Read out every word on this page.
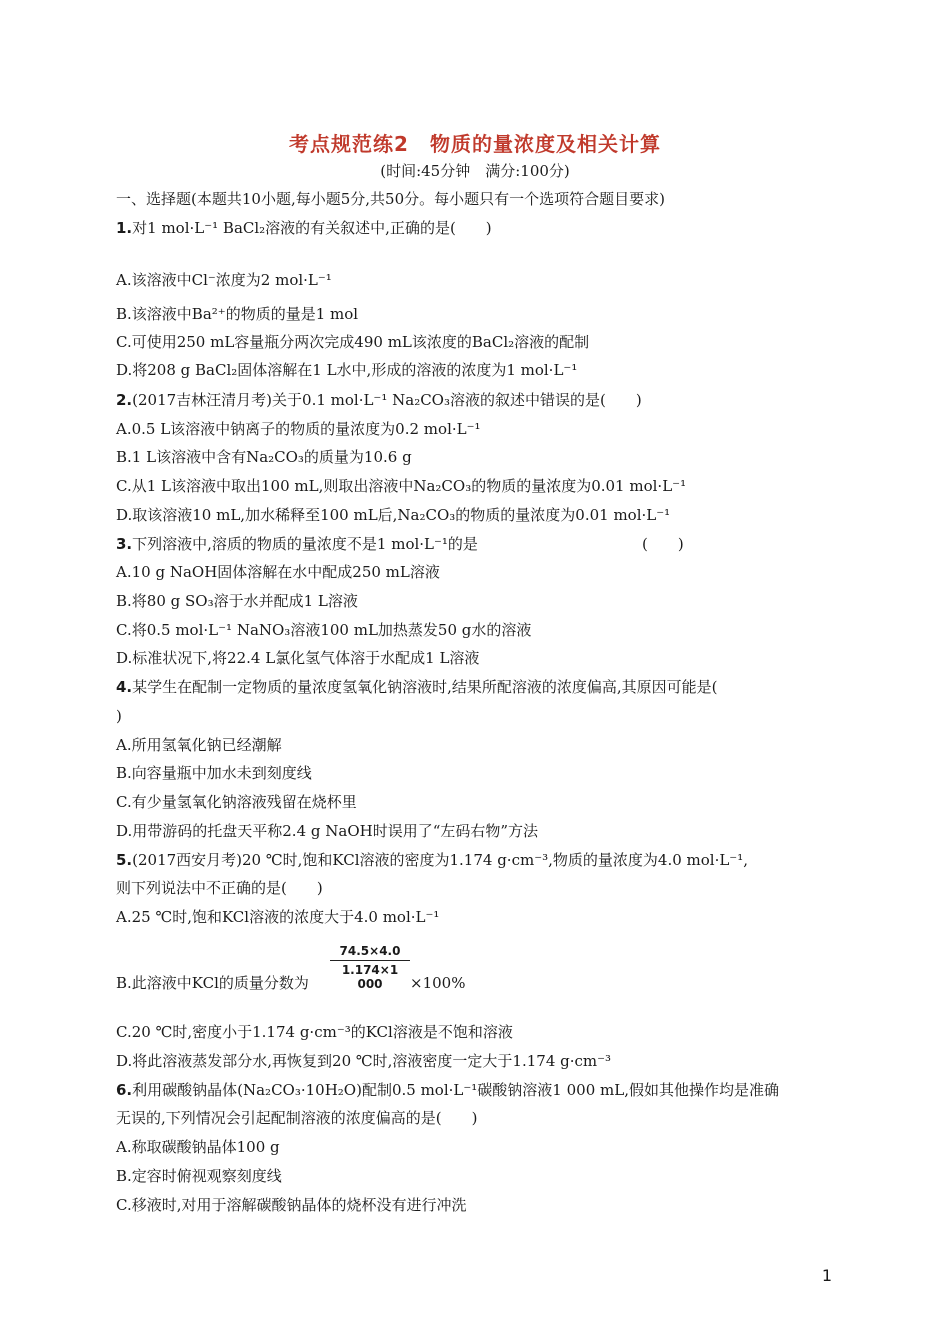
考点规范练2　物质的量浓度及相关计算
(时间:45分钟　满分:100分)
一、选择题(本题共10小题,每小题5分,共50分。每小题只有一个选项符合题目要求)
1.对1 mol·L⁻¹ BaCl₂溶液的有关叙述中,正确的是(　　)
A.该溶液中Cl⁻浓度为2 mol·L⁻¹
B.该溶液中Ba²⁺的物质的量是1 mol
C.可使用250 mL容量瓶分两次完成490 mL该浓度的BaCl₂溶液的配制
D.将208 g BaCl₂固体溶解在1 L水中,形成的溶液的浓度为1 mol·L⁻¹
2.(2017吉林汪清月考)关于0.1 mol·L⁻¹ Na₂CO₃溶液的叙述中错误的是(　　)
A.0.5 L该溶液中钠离子的物质的量浓度为0.2 mol·L⁻¹
B.1 L该溶液中含有Na₂CO₃的质量为10.6 g
C.从1 L该溶液中取出100 mL,则取出溶液中Na₂CO₃的物质的量浓度为0.01 mol·L⁻¹
D.取该溶液10 mL,加水稀释至100 mL后,Na₂CO₃的物质的量浓度为0.01 mol·L⁻¹
3.下列溶液中,溶质的物质的量浓度不是1 mol·L⁻¹的是	(　　)
A.10 g NaOH固体溶解在水中配成250 mL溶液
B.将80 g SO₃溶于水并配成1 L溶液
C.将0.5 mol·L⁻¹ NaNO₃溶液100 mL加热蒸发50 g水的溶液
D.标准状况下,将22.4 L氯化氢气体溶于水配成1 L溶液
4.某学生在配制一定物质的量浓度氢氧化钠溶液时,结果所配溶液的浓度偏高,其原因可能是(
)
A.所用氢氧化钠已经潮解
B.向容量瓶中加水未到刻度线
C.有少量氢氧化钠溶液残留在烧杯里
D.用带游码的托盘天平称2.4 g NaOH时误用了“左码右物”方法
5.(2017西安月考)20 ℃时,饱和KCl溶液的密度为1.174 g·cm⁻³,物质的量浓度为4.0 mol·L⁻¹,
则下列说法中不正确的是(　　)
A.25 ℃时,饱和KCl溶液的浓度大于4.0 mol·L⁻¹
B.此溶液中KCl的质量分数为 $\frac{74.5\times 4.0}{1.174\times 1 000} \times 100\%$
C.20 ℃时,密度小于1.174 g·cm⁻³的KCl溶液是不饱和溶液
D.将此溶液蒸发部分水,再恢复到20 ℃时,溶液密度一定大于1.174 g·cm⁻³
6.利用碳酸钠晶体(Na₂CO₃·10H₂O)配制0.5 mol·L⁻¹碳酸钠溶液1 000 mL,假如其他操作均是准确
无误的,下列情况会引起配制溶液的浓度偏高的是(　　)
A.称取碳酸钠晶体100 g
B.定容时俯视观察刻度线
C.移液时,对用于溶解碳酸钠晶体的烧杯没有进行冲洗
1
